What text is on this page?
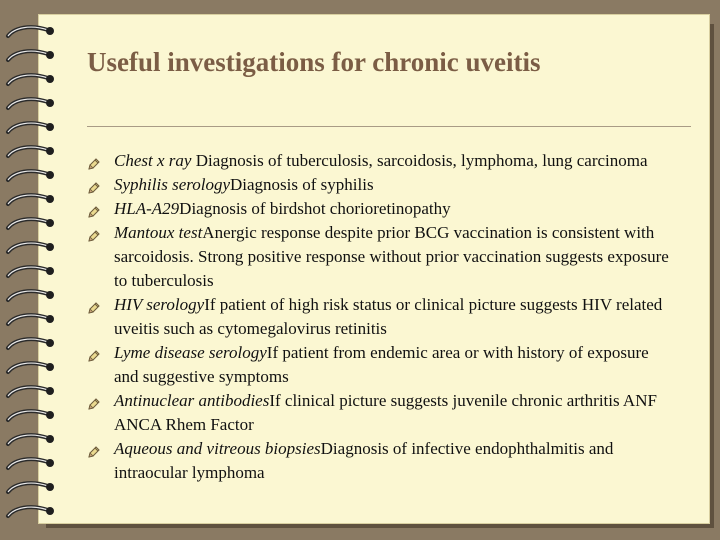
Useful investigations for chronic uveitis
Chest x ray Diagnosis of tuberculosis, sarcoidosis, lymphoma, lung carcinoma
Syphilis serologyDiagnosis of syphilis
HLA-A29Diagnosis of birdshot chorioretinopathy
Mantoux testAnergic response despite prior BCG vaccination is consistent with sarcoidosis. Strong positive response without prior vaccination suggests exposure to tuberculosis
HIV serologyIf patient of high risk status or clinical picture suggests HIV related uveitis such as cytomegalovirus retinitis
Lyme disease serologyIf patient from endemic area or with history of exposure and suggestive symptoms
Antinuclear antibodiesIf clinical picture suggests juvenile chronic arthritis ANF ANCA Rhem Factor
Aqueous and vitreous biopsiesDiagnosis of infective endophthalmitis and intraocular lymphoma
